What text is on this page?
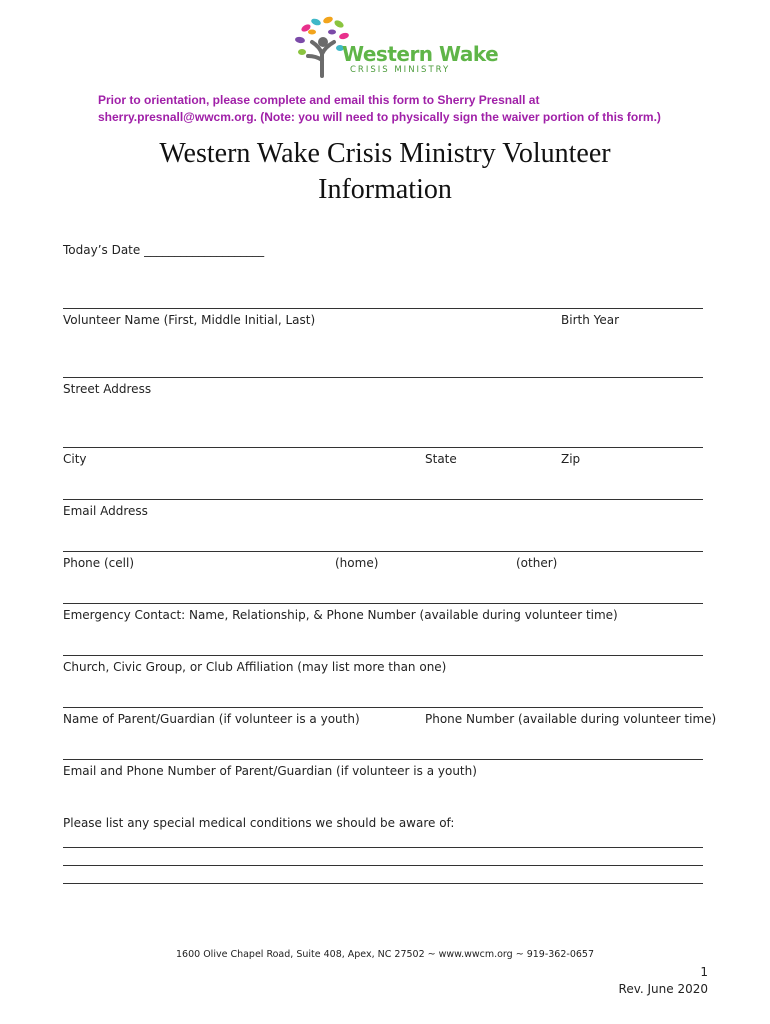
Western Wake
CRISIS MINISTRY
Prior to orientation, please complete and email this form to Sherry Presnall at
sherry.presnall@wwcm.org. (Note: you will need to physically sign the waiver portion of this form.)
Western Wake Crisis Ministry Volunteer
Information
Today’s Date ____________________
Volunteer Name (First, Middle Initial, Last)	Birth Year
Street Address
City	State	Zip
Email Address
Phone (cell)	(home)	(other)
Emergency Contact: Name, Relationship, & Phone Number (available during volunteer time)
Church, Civic Group, or Club Affiliation (may list more than one)
Name of Parent/Guardian (if volunteer is a youth)	Phone Number (available during volunteer time)
Email and Phone Number of Parent/Guardian (if volunteer is a youth)
Please list any special medical conditions we should be aware of:
1600 Olive Chapel Road, Suite 408, Apex, NC 27502 ~ www.wwcm.org ~ 919-362-0657
1
Rev. June 2020
